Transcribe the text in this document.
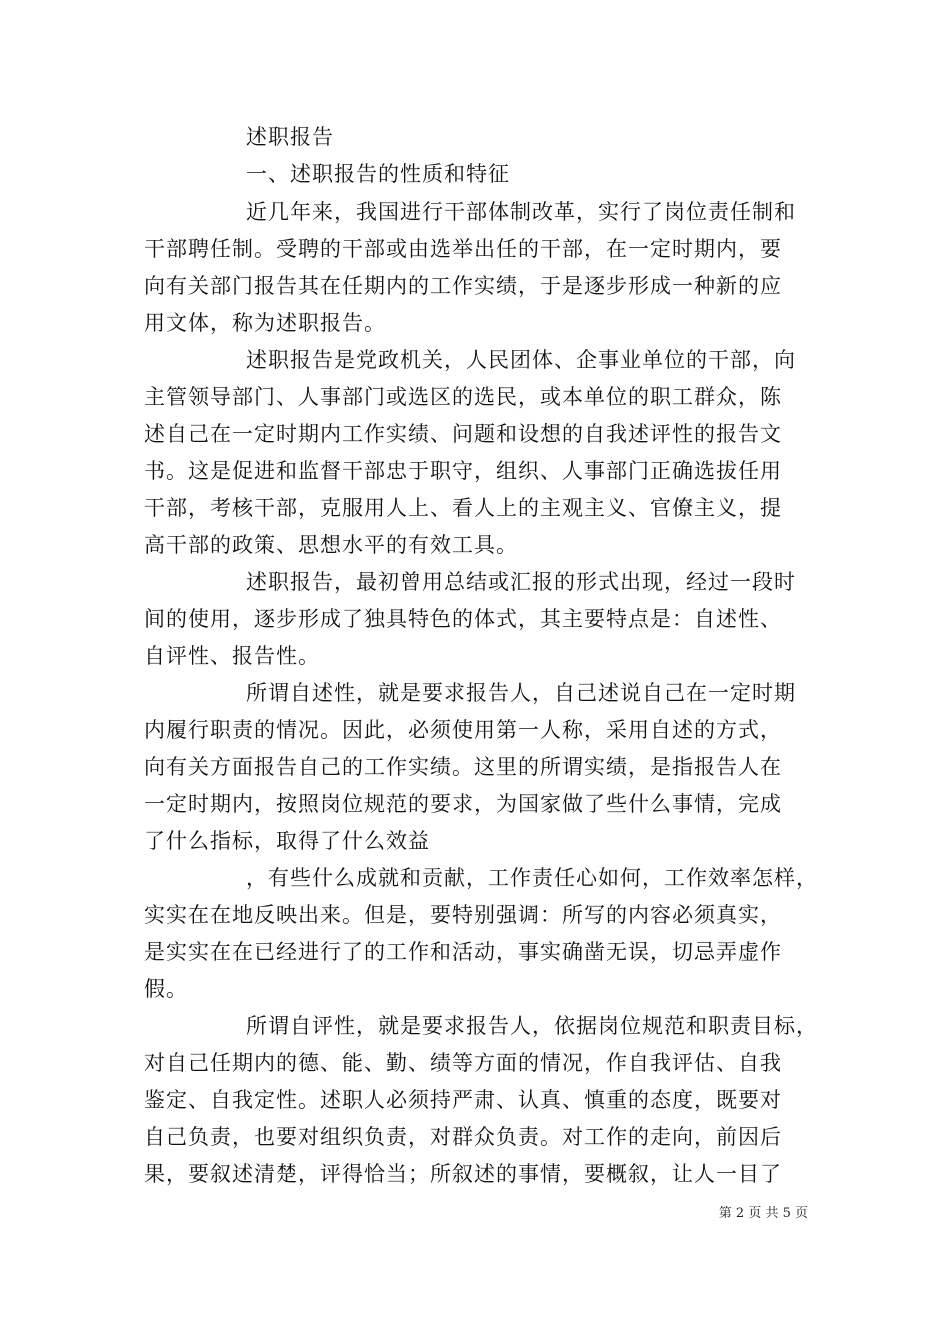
述职报告
一、述职报告的性质和特征
近几年来，我国进行干部体制改革，实行了岗位责任制和
干部聘任制。受聘的干部或由选举出任的干部，在一定时期内，要
向有关部门报告其在任期内的工作实绩，于是逐步形成一种新的应
用文体，称为述职报告。
述职报告是党政机关，人民团体、企事业单位的干部，向
主管领导部门、人事部门或选区的选民，或本单位的职工群众，陈
述自己在一定时期内工作实绩、问题和设想的自我述评性的报告文
书。这是促进和监督干部忠于职守，组织、人事部门正确选拔任用
干部，考核干部，克服用人上、看人上的主观主义、官僚主义，提
高干部的政策、思想水平的有效工具。
述职报告，最初曾用总结或汇报的形式出现，经过一段时
间的使用，逐步形成了独具特色的体式，其主要特点是：自述性、
自评性、报告性。
所谓自述性，就是要求报告人，自己述说自己在一定时期
内履行职责的情况。因此，必须使用第一人称，采用自述的方式，
向有关方面报告自己的工作实绩。这里的所谓实绩，是指报告人在
一定时期内，按照岗位规范的要求，为国家做了些什么事情，完成
了什么指标，取得了什么效益
，有些什么成就和贡献，工作责任心如何，工作效率怎样，
实实在在地反映出来。但是，要特别强调：所写的内容必须真实，
是实实在在已经进行了的工作和活动，事实确凿无误，切忌弄虚作
假。
所谓自评性，就是要求报告人，依据岗位规范和职责目标，
对自己任期内的德、能、勤、绩等方面的情况，作自我评估、自我
鉴定、自我定性。述职人必须持严肃、认真、慎重的态度，既要对
自己负责，也要对组织负责，对群众负责。对工作的走向，前因后
果，要叙述清楚，评得恰当；所叙述的事情，要概叙，让人一目了
第 2 页 共 5 页
